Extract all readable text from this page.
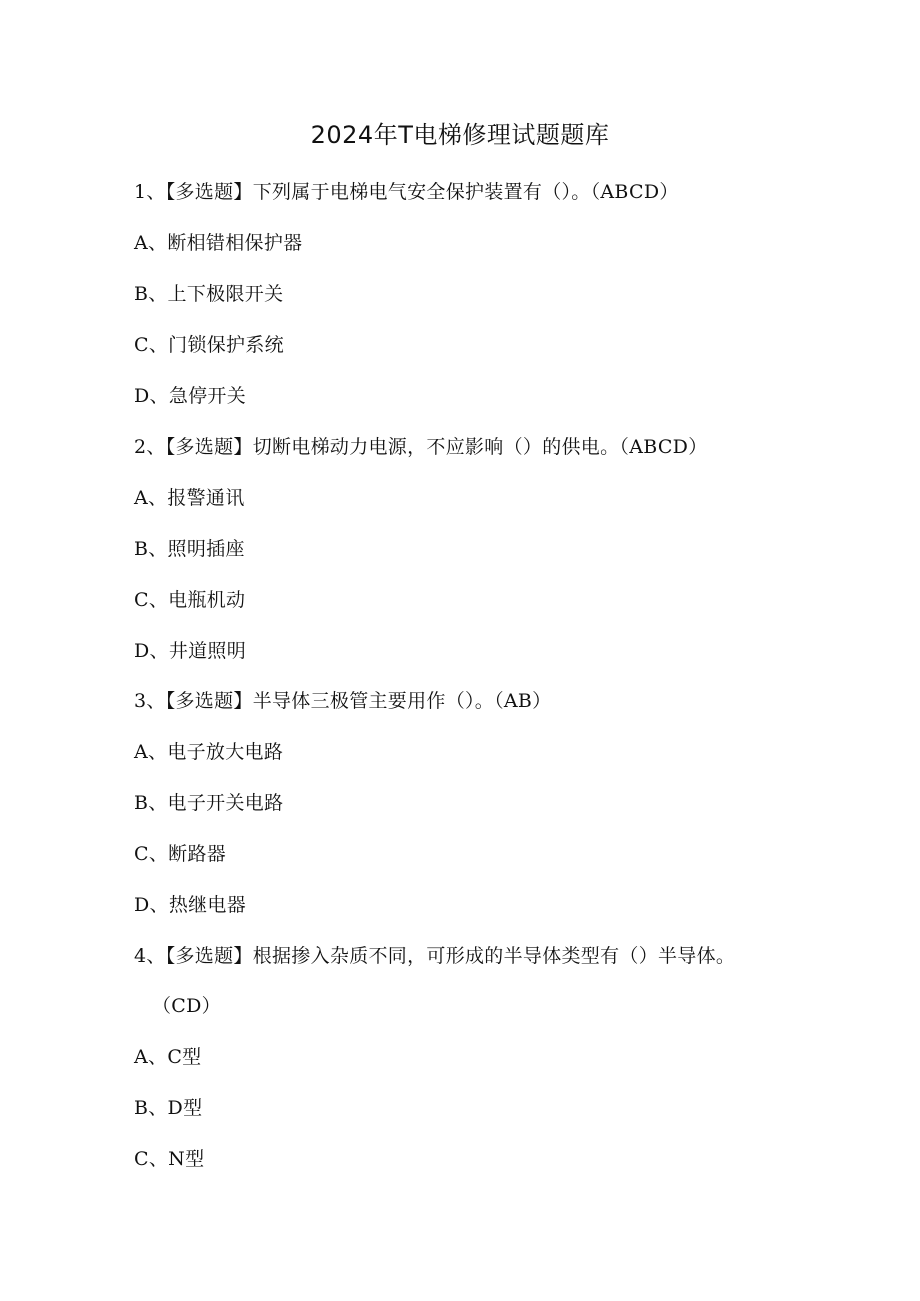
2024年T电梯修理试题题库
1、【多选题】下列属于电梯电气安全保护装置有（）。（ABCD）
A、断相错相保护器
B、上下极限开关
C、门锁保护系统
D、急停开关
2、【多选题】切断电梯动力电源，不应影响（）的供电。（ABCD）
A、报警通讯
B、照明插座
C、电瓶机动
D、井道照明
3、【多选题】半导体三极管主要用作（）。（AB）
A、电子放大电路
B、电子开关电路
C、断路器
D、热继电器
4、【多选题】根据掺入杂质不同，可形成的半导体类型有（）半导体。
（CD）
A、C型
B、D型
C、N型
